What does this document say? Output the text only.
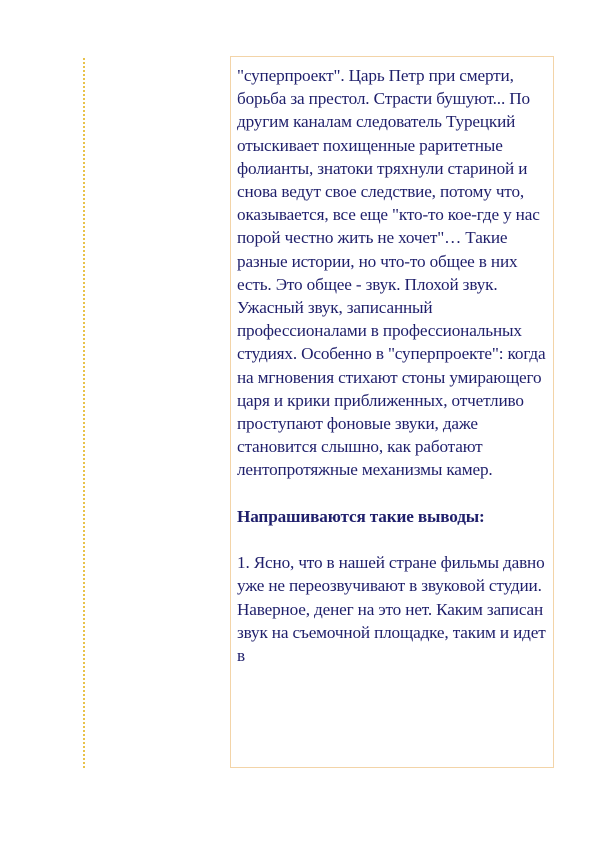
"суперпроект". Царь Петр при смерти, борьба за престол. Страсти бушуют... По другим каналам следователь Турецкий отыскивает похищенные раритетные фолианты, знатоки тряхнули стариной и снова ведут свое следствие, потому что, оказывается, все еще "кто-то кое-где у нас порой честно жить не хочет"… Такие разные истории, но что-то общее в них есть. Это общее - звук. Плохой звук. Ужасный звук, записанный профессионалами в профессиональных студиях. Особенно в "суперпроекте": когда на мгновения стихают стоны умирающего царя и крики приближенных, отчетливо проступают фоновые звуки, даже становится слышно, как работают лентопротяжные механизмы камер.

Напрашиваются такие выводы:

1. Ясно, что в нашей стране фильмы давно уже не переозвучивают в звуковой студии. Наверное, денег на это нет. Каким записан звук на съемочной площадке, таким и идет в
